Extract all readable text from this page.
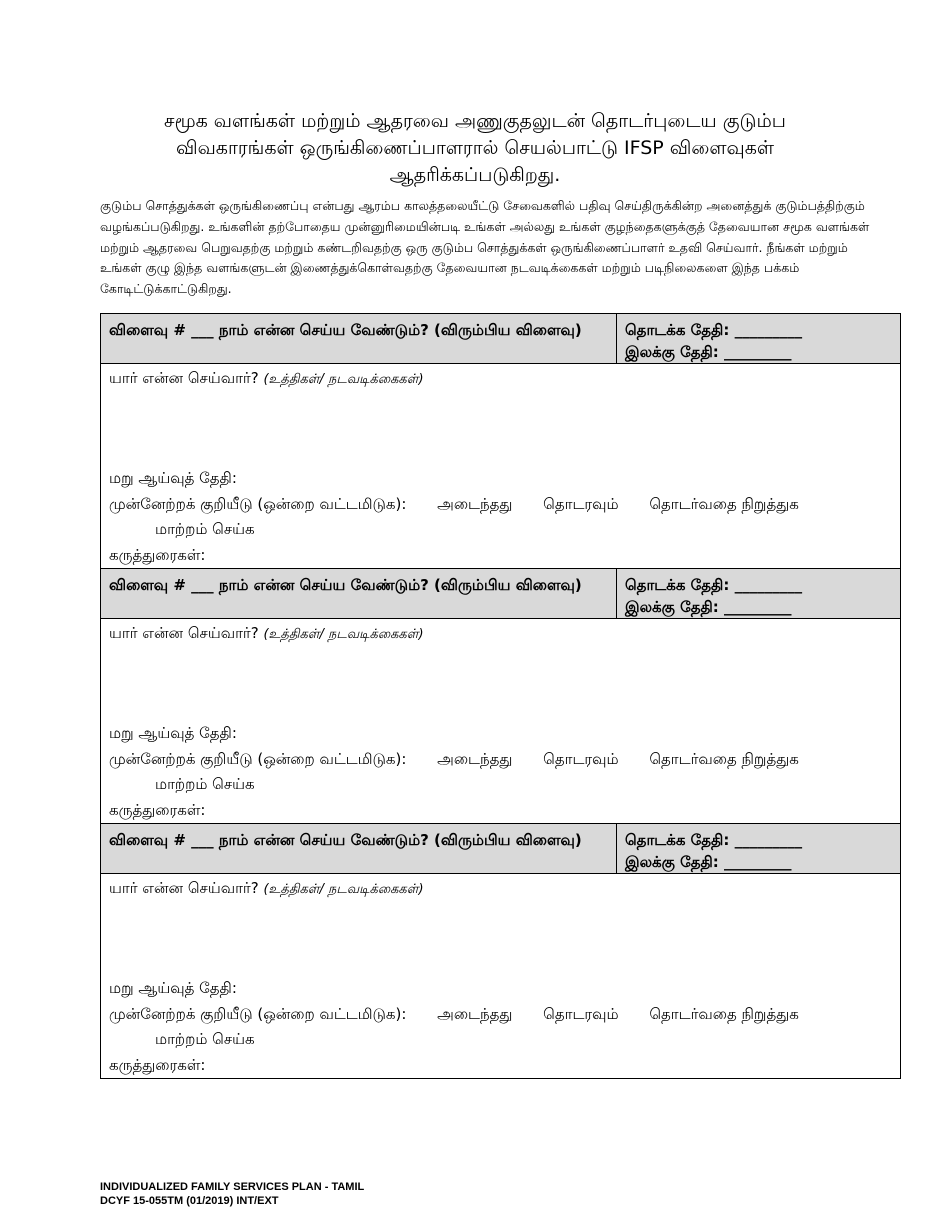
சமூக வளங்கள் மற்றும் ஆதரவை அணுகுதலுடன் தொடர்புடைய குடும்ப விவகாரங்கள் ஒருங்கிணைப்பாளரால் செயல்பாட்டு IFSP விளைவுகள் ஆதரிக்கப்படுகிறது.
குடும்ப சொத்துக்கள் ஒருங்கிணைப்பு என்பது ஆரம்ப காலத்தலையீட்டு சேவைகளில் பதிவு செய்திருக்கின்ற அனைத்துக் குடும்பத்திற்கும் வழங்கப்படுகிறது. உங்களின் தற்போதைய முன்னுரிமையின்படி உங்கள் அல்லது உங்கள் குழந்தைகளுக்குத் தேவையான சமூக வளங்கள் மற்றும் ஆதரவை பெறுவதற்கு மற்றும் கண்டறிவதற்கு ஒரு குடும்ப சொத்துக்கள் ஒருங்கிணைப்பாளர் உதவி செய்வார். நீங்கள் மற்றும் உங்கள் குழு இந்த வளங்களுடன் இணைத்துக்கொள்வதற்கு தேவையான நடவடிக்கைகள் மற்றும் படிநிலைகளை இந்த பக்கம் கோடிட்டுக்காட்டுகிறது.
விளைவு # ___ நாம் என்ன செய்ய வேண்டும்? (விரும்பிய விளைவு)	தொடக்க தேதி: _________
இலக்கு தேதி: _________

யார் என்ன செய்வார்? (உத்திகள்/ நடவடிக்கைகள்)
மறு ஆய்வுத் தேதி:
முன்னேற்றக் குறியீடு (ஒன்றை வட்டமிடுக): அடைந்தது தொடரவும் தொடர்வதை நிறுத்துக மாற்றம் செய்க
கருத்துரைகள்:	

விளைவு # ___ நாம் என்ன செய்ய வேண்டும்? (விரும்பிய விளைவு)	தொடக்க தேதி: _________
இலக்கு தேதி: _________

யார் என்ன செய்வார்? (உத்திகள்/ நடவடிக்கைகள்)
மறு ஆய்வுத் தேதி:
முன்னேற்றக் குறியீடு (ஒன்றை வட்டமிடுக): அடைந்தது தொடரவும் தொடர்வதை நிறுத்துக மாற்றம் செய்க
கருத்துரைகள்:	

விளைவு # ___ நாம் என்ன செய்ய வேண்டும்? (விரும்பிய விளைவு)	தொடக்க தேதி: _________
இலக்கு தேதி: _________

யார் என்ன செய்வார்? (உத்திகள்/ நடவடிக்கைகள்)
மறு ஆய்வுத் தேதி:
முன்னேற்றக் குறியீடு (ஒன்றை வட்டமிடுக): அடைந்தது தொடரவும் தொடர்வதை நிறுத்துக மாற்றம் செய்க
கருத்துரைகள்:	
INDIVIDUALIZED FAMILY SERVICES PLAN - TAMIL
DCYF 15-055TM (01/2019) INT/EXT
